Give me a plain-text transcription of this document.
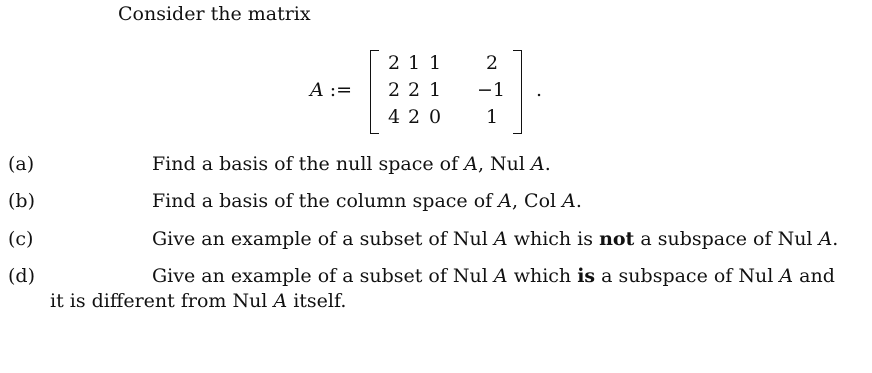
Consider the matrix
A :=
2 1 1 2
2 2 1 −1
4 2 0 1
.
(a)	Find a basis of the null space of A, Nul A.
(b)	Find a basis of the column space of A, Col A.
(c)	Give an example of a subset of Nul A which is not a subspace of Nul A.
(d)	Give an example of a subset of Nul A which is a subspace of Nul A and
it is different from Nul A itself.
